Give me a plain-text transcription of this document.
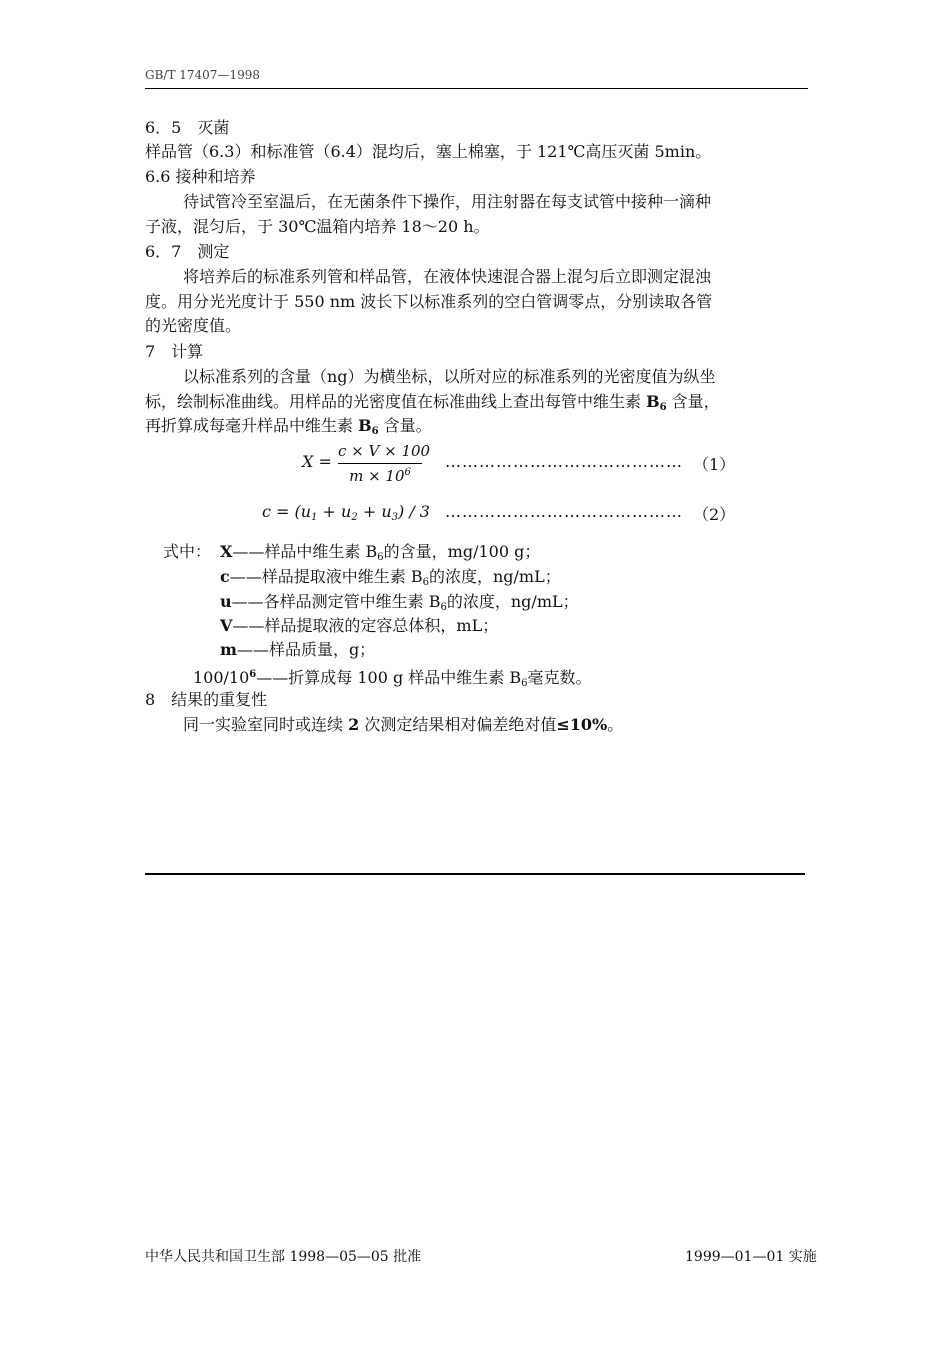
GB/T 17407—1998
6．5　灭菌
样品管（6.3）和标准管（6.4）混均后，塞上棉塞，于 121℃高压灭菌 5min。
6.6 接种和培养
待试管冷至室温后，在无菌条件下操作，用注射器在每支试管中接种一滴种
子液，混匀后，于 30℃温箱内培养 18～20 h。
6．7　测定
将培养后的标准系列管和样品管，在液体快速混合器上混匀后立即测定混浊
度。用分光光度计于 550 nm 波长下以标准系列的空白管调零点，分别读取各管
的光密度值。
7　计算
以标准系列的含量（ng）为横坐标，以所对应的标准系列的光密度值为纵坐
标，绘制标准曲线。用样品的光密度值在标准曲线上查出每管中维生素 $B_6$ 含量，
再折算成每毫升样品中维生素 $B_6$ 含量。
X =
c × V × 100
$m \times 10^6$
…………………………………… （1）
$c = (u_1 + u_2 + u_3) / 3$ …………………………………… （2）
式中： X——样品中维生素 $B_6$的含量，mg/100 g；
c——样品提取液中维生素 $B_6$的浓度，ng/mL；
u——各样品测定管中维生素 $B_6$的浓度，ng/mL；
V——样品提取液的定容总体积，mL；
m——样品质量，g；
$100/10^6——$折算成每 100 g 样品中维生素 $B_6$毫克数。
8　结果的重复性
同一实验室同时或连续 2 次测定结果相对偏差绝对值≤10%。
中华人民共和国卫生部 1998—05—05 批准	1999—01—01 实施
